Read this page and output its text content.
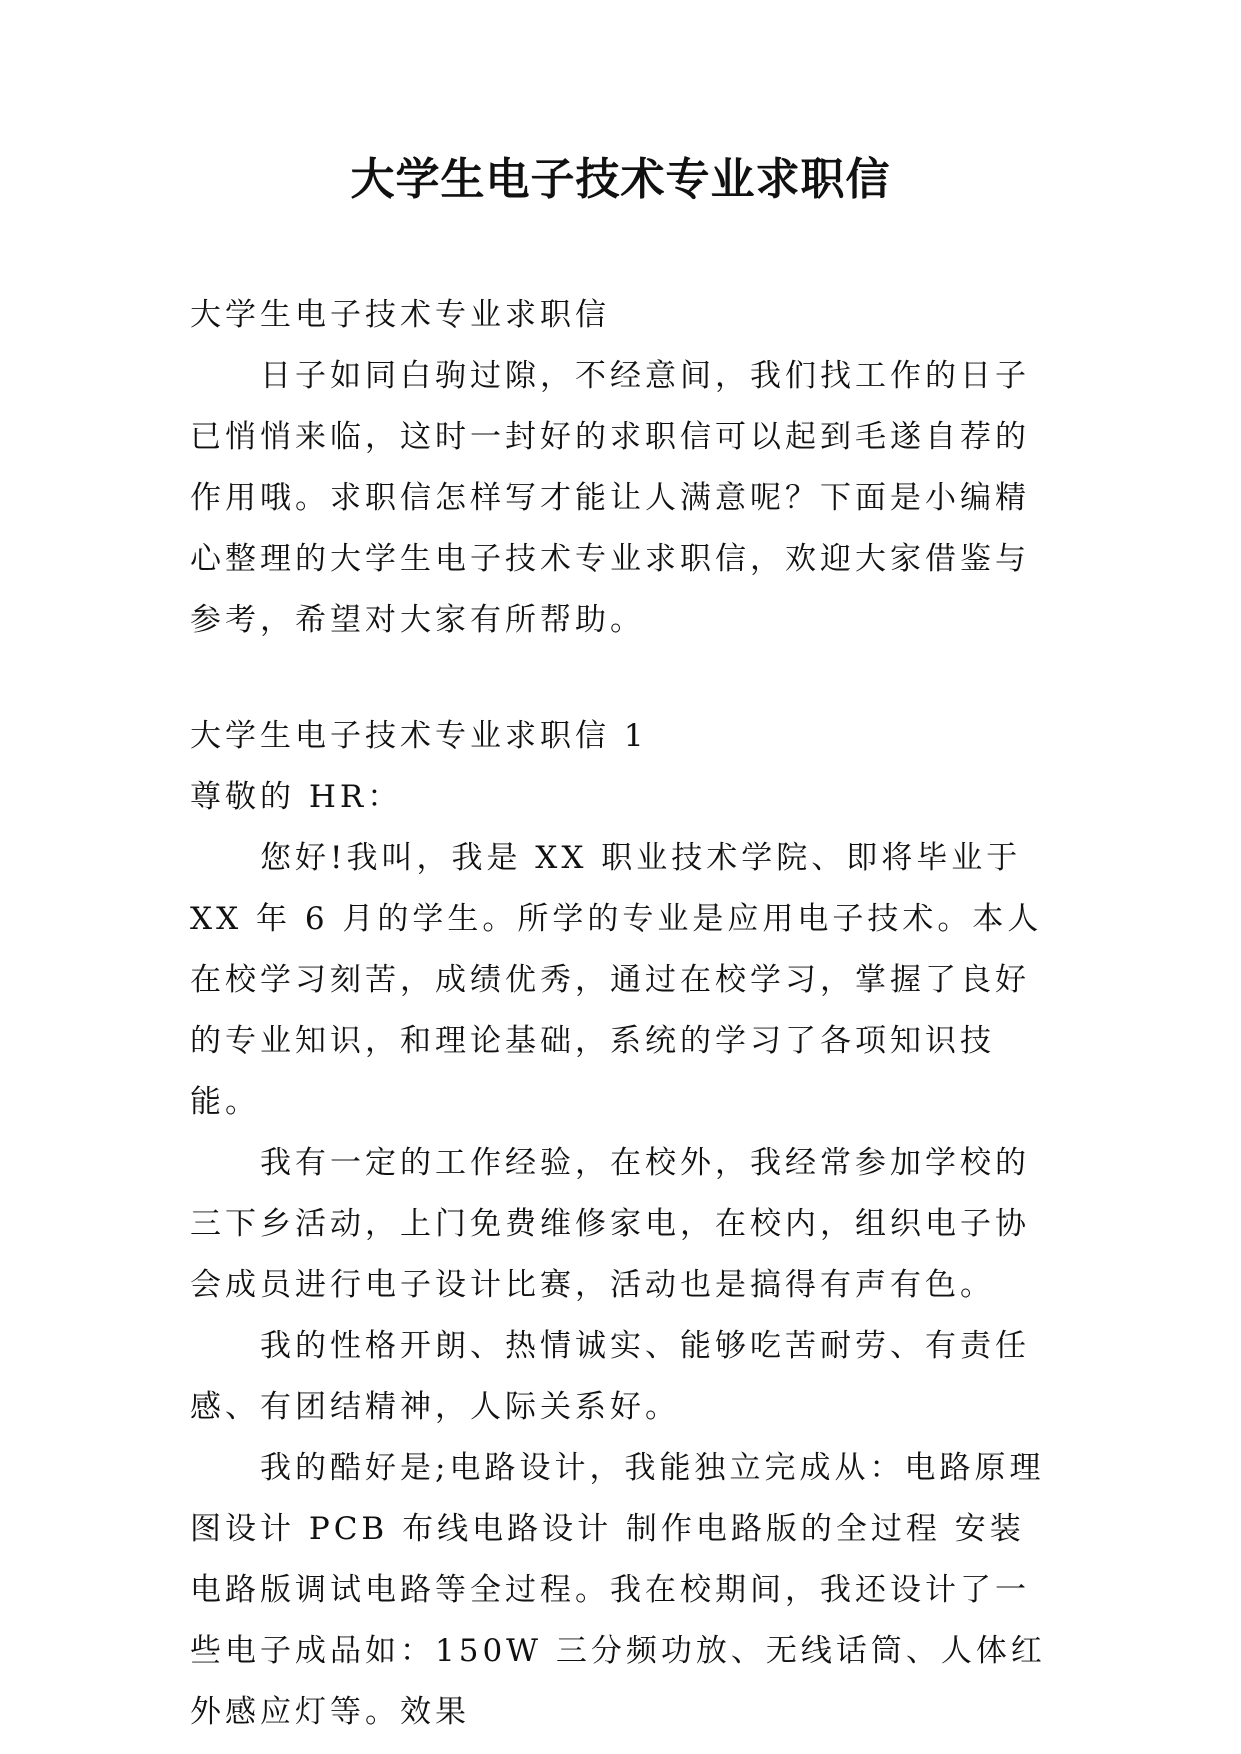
大学生电子技术专业求职信

大学生电子技术专业求职信

日子如同白驹过隙，不经意间，我们找工作的日子已悄悄来临，这时一封好的求职信可以起到毛遂自荐的作用哦。求职信怎样写才能让人满意呢？下面是小编精心整理的大学生电子技术专业求职信，欢迎大家借鉴与参考，希望对大家有所帮助。

大学生电子技术专业求职信 1

尊敬的 HR：

您好!我叫，我是 XX 职业技术学院、即将毕业于 XX 年 6 月的学生。所学的专业是应用电子技术。本人在校学习刻苦，成绩优秀，通过在校学习，掌握了良好的专业知识，和理论基础，系统的学习了各项知识技能。

我有一定的工作经验，在校外，我经常参加学校的三下乡活动，上门免费维修家电，在校内，组织电子协会成员进行电子设计比赛，活动也是搞得有声有色。

我的性格开朗、热情诚实、能够吃苦耐劳、有责任感、有团结精神，人际关系好。

我的酷好是;电路设计，我能独立完成从：电路原理图设计 PCB 布线电路设计 制作电路版的全过程 安装电路版调试电路等全过程。我在校期间，我还设计了一些电子成品如：150W 三分频功放、无线话筒、人体红外感应灯等。效果
